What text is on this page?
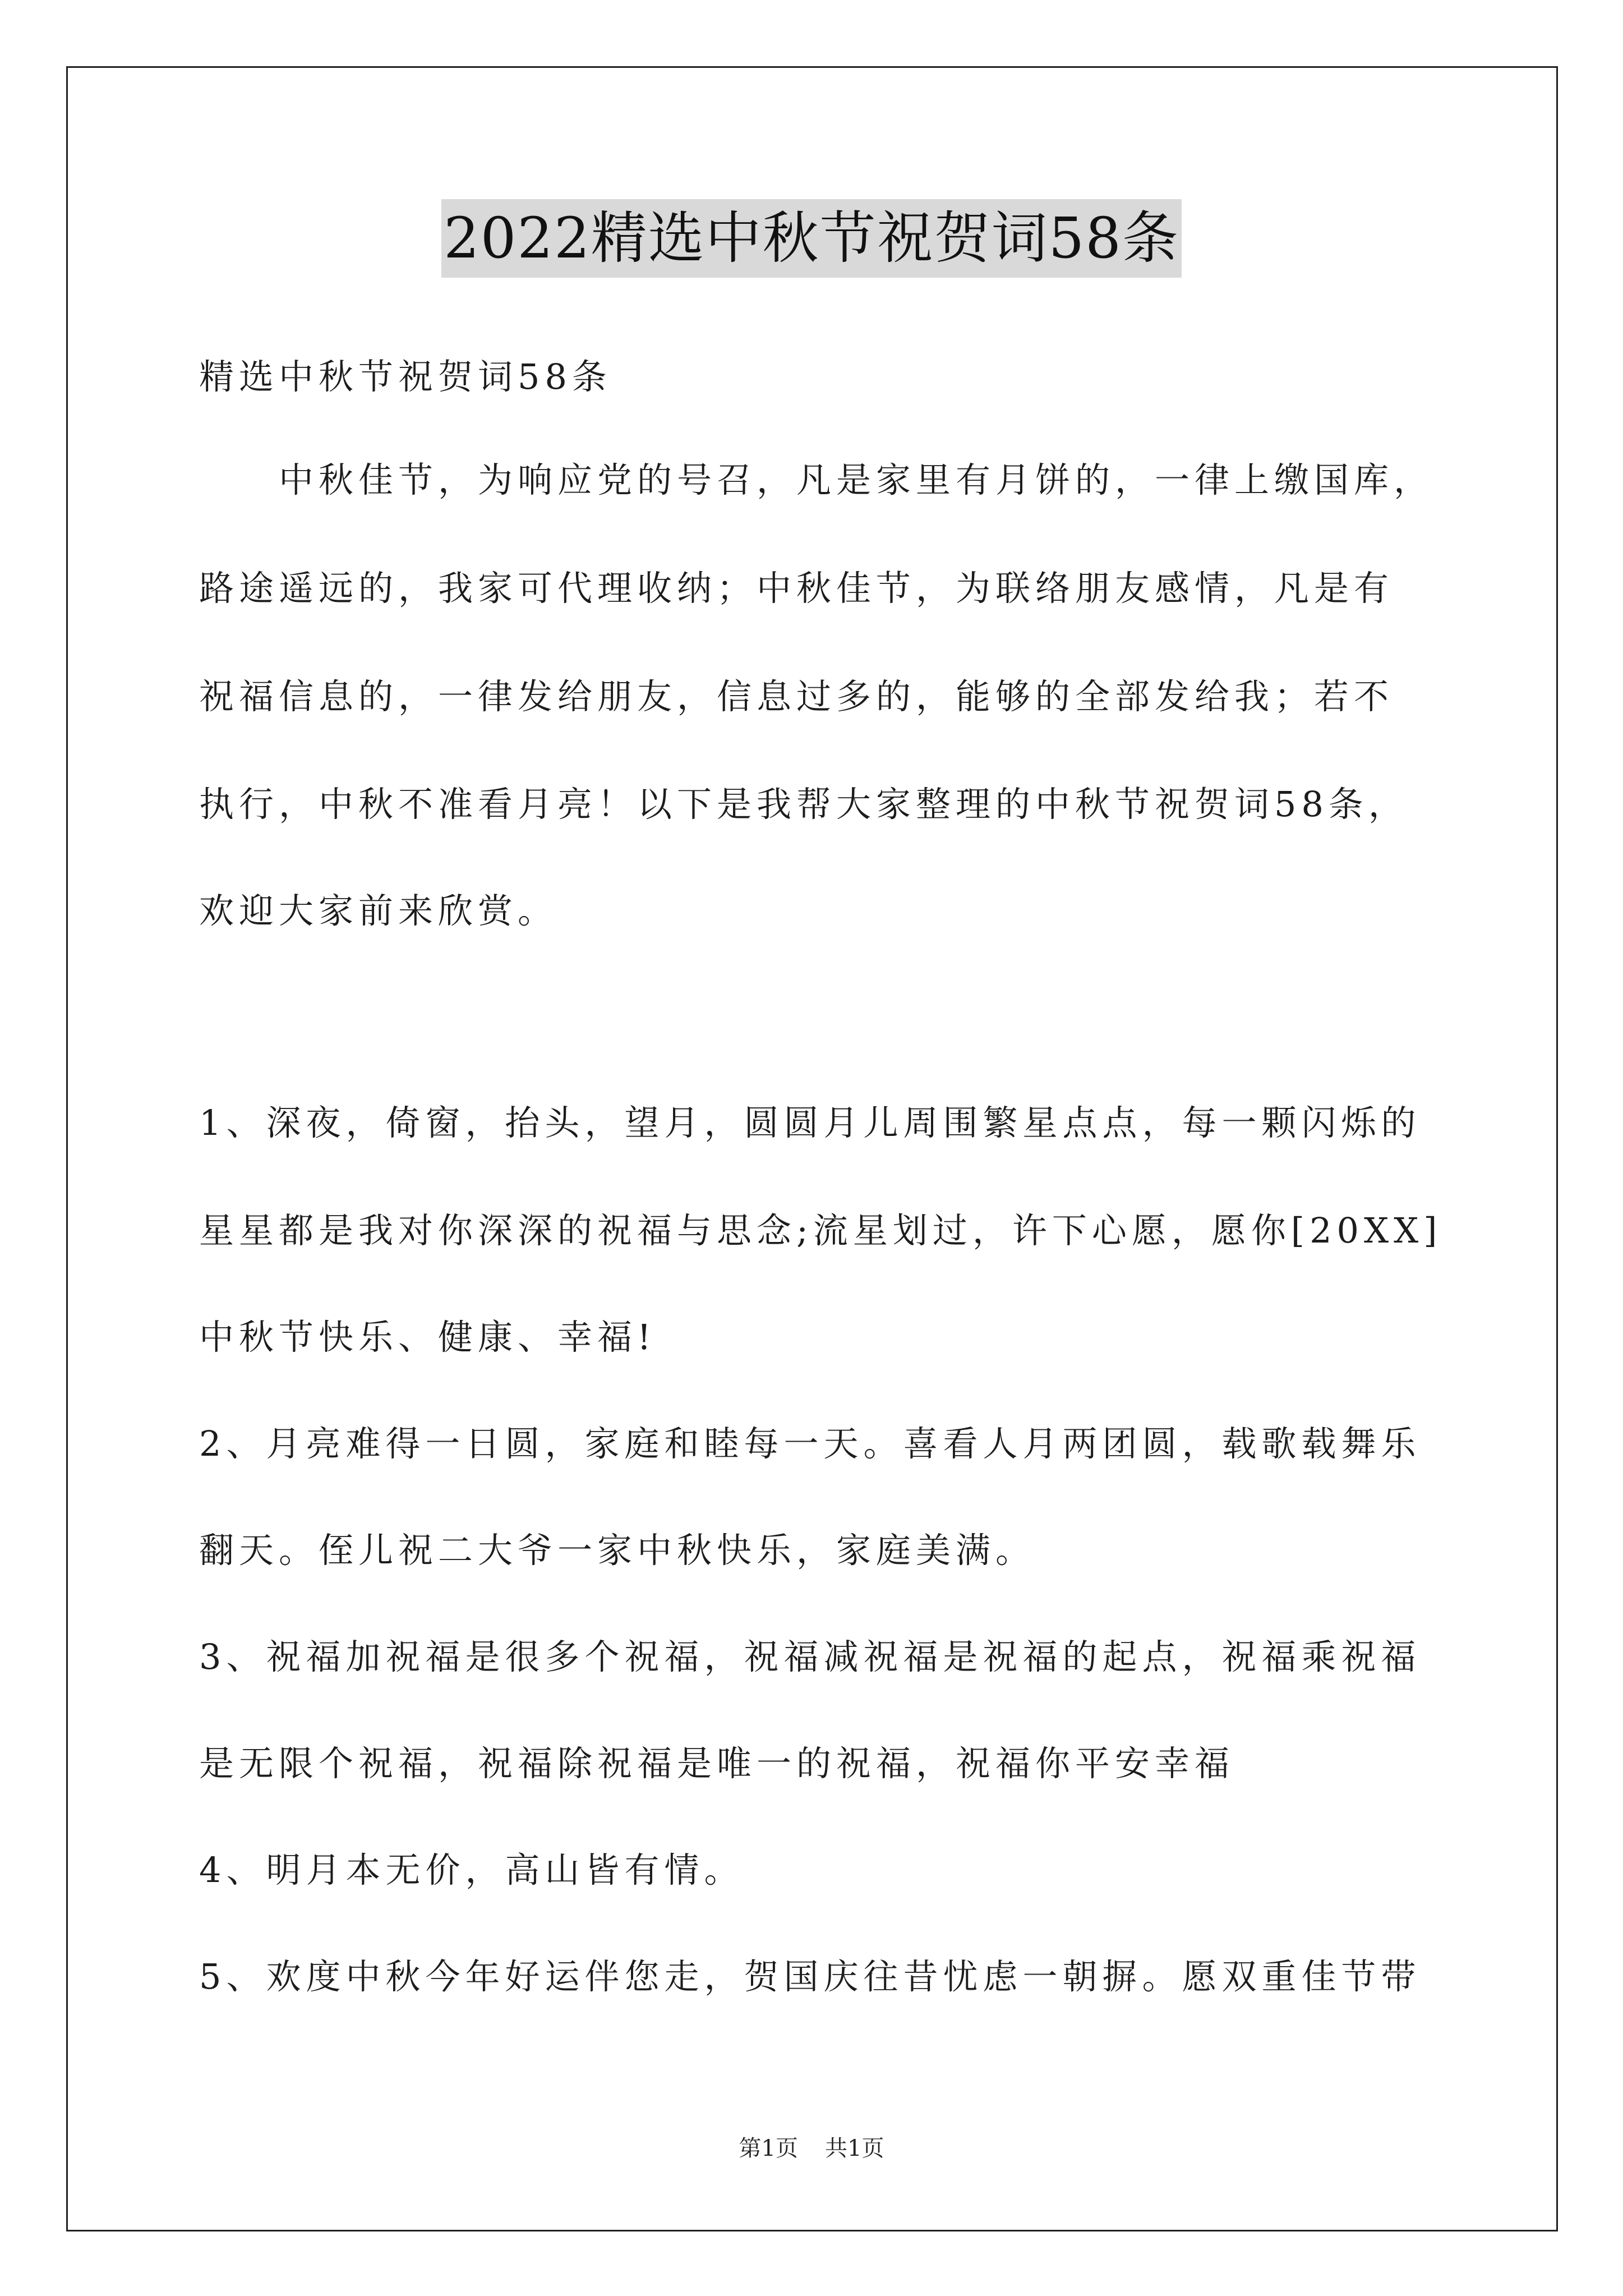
2022精选中秋节祝贺词58条
精选中秋节祝贺词58条
中秋佳节，为响应党的号召，凡是家里有月饼的，一律上缴国库，
路途遥远的，我家可代理收纳；中秋佳节，为联络朋友感情，凡是有
祝福信息的，一律发给朋友，信息过多的，能够的全部发给我；若不
执行，中秋不准看月亮！以下是我帮大家整理的中秋节祝贺词58条，
欢迎大家前来欣赏。
1、深夜，倚窗，抬头，望月，圆圆月儿周围繁星点点，每一颗闪烁的
星星都是我对你深深的祝福与思念;流星划过，许下心愿，愿你[20XX]
中秋节快乐、健康、幸福!
2、月亮难得一日圆，家庭和睦每一天。喜看人月两团圆，载歌载舞乐
翻天。侄儿祝二大爷一家中秋快乐，家庭美满。
3、祝福加祝福是很多个祝福，祝福减祝福是祝福的起点，祝福乘祝福
是无限个祝福，祝福除祝福是唯一的祝福，祝福你平安幸福
4、明月本无价，高山皆有情。
5、欢度中秋今年好运伴您走，贺国庆往昔忧虑一朝摒。愿双重佳节带
第1页 共1页
